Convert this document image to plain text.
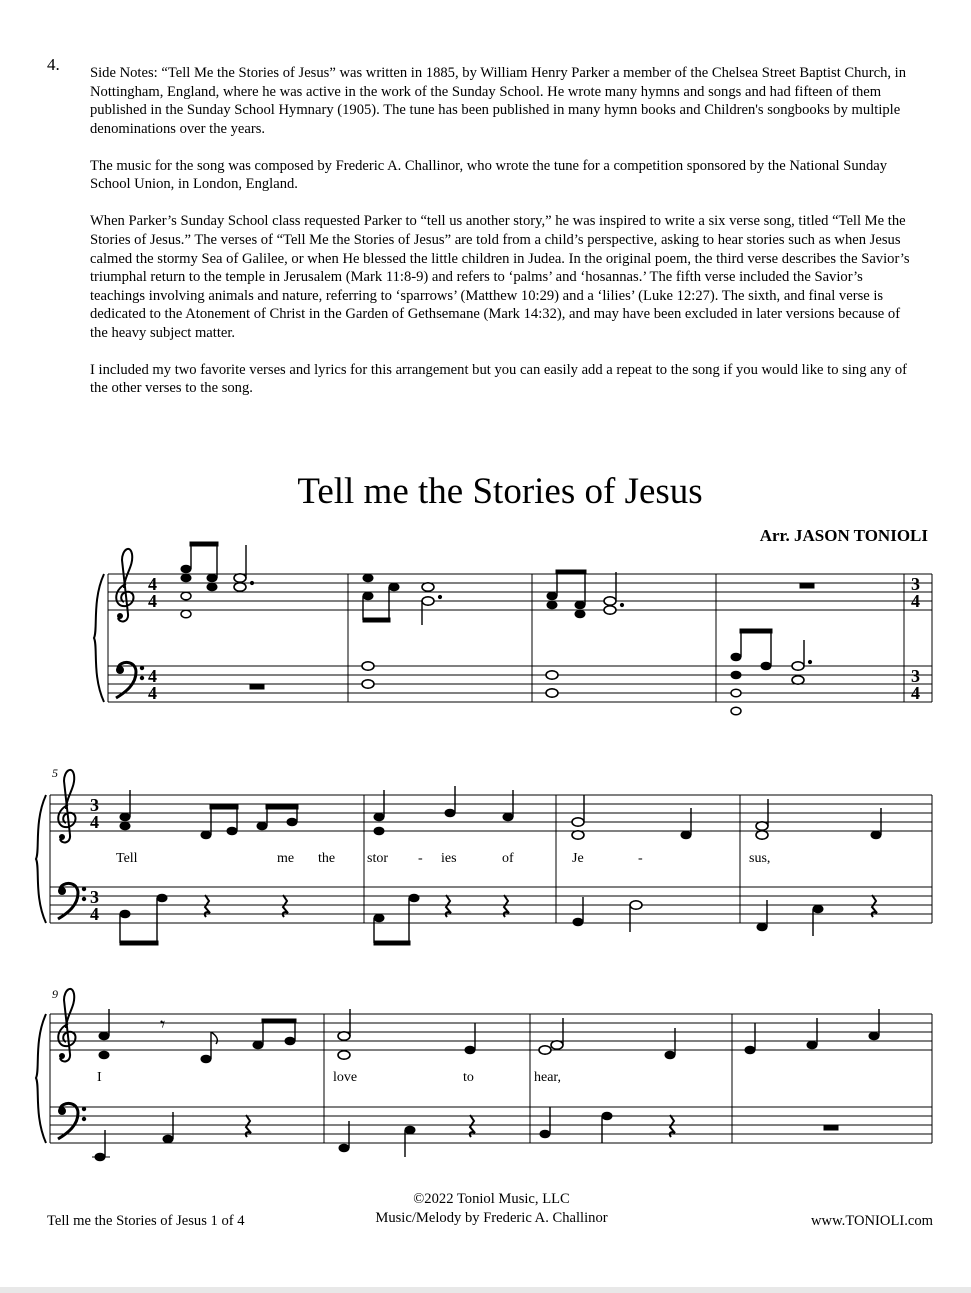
4. Side Notes: “Tell Me the Stories of Jesus” was written in 1885, by William Henry Parker a member of the Chelsea Street Baptist Church, in Nottingham, England, where he was active in the work of the Sunday School. He wrote many hymns and songs and had fifteen of them published in the Sunday School Hymnary (1905). The tune has been published in many hymn books and Children's songbooks by multiple denominations over the years.

The music for the song was composed by Frederic A. Challinor, who wrote the tune for a competition sponsored by the National Sunday School Union, in London, England.

When Parker’s Sunday School class requested Parker to “tell us another story,” he was inspired to write a six verse song, titled “Tell Me the Stories of Jesus.” The verses of “Tell Me the Stories of Jesus” are told from a child’s perspective, asking to hear stories such as when Jesus calmed the stormy Sea of Galilee, or when He blessed the little children in Judea. In the original poem, the third verse describes the Savior’s triumphal return to the temple in Jerusalem (Mark 11:8-9) and refers to ‘palms’ and ‘hosannas.’ The fifth verse included the Savior’s teachings involving animals and nature, referring to ‘sparrows’ (Matthew 10:29) and a ‘lilies’ (Luke 12:27). The sixth, and final verse is dedicated to the Atonement of Christ in the Garden of Gethsemane (Mark 14:32), and may have been excluded in later versions because of the heavy subject matter.

I included my two favorite verses and lyrics for this arrangement but you can easily add a repeat to the song if you would like to sing any of the other verses to the song.

Tell me the Stories of Jesus
Arr. JASON TONIOLI
4
4
4
4
3
4
3
4
5
3
4
3
4
Tell	me the stor - ies	of	Je	-	sus,
9
𝄾
I	love	to	hear,
Tell me the Stories of Jesus 1 of 4
©2022 Toniol Music, LLC
Music/Melody by Frederic A. Challinor	www.TONIOLI.com
